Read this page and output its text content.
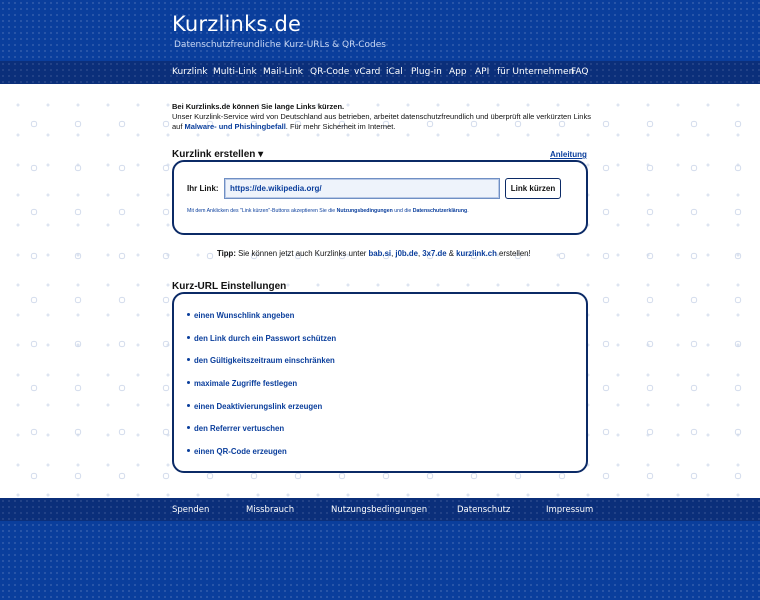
Kurzlinks.de
Datenschutzfreundliche Kurz-URLs & QR-Codes
Kurzlink Multi-Link Mail-Link QR-Code vCard iCal Plug-in App API für Unternehmen
FAQ
Bei Kurzlinks.de können Sie lange Links kürzen.
Unser Kurzlink-Service wird von Deutschland aus betrieben, arbeitet datenschutzfreundlich und überprüft alle verkürzten Links auf Malware- und Phishingbefall. Für mehr Sicherheit im Internet.
Kurzlink erstellen ▾	Anleitung
Ihr Link:
https://de.wikipedia.org/	Link kürzen
Mit dem Anklicken des "Link kürzen"-Buttons akzeptieren Sie die Nutzungsbedingungen und die Datenschutzerklärung.
Tipp: Sie können jetzt auch Kurzlinks unter bab.si, j0b.de, 3x7.de & kurzlink.ch erstellen!
Kurz-URL Einstellungen
einen Wunschlink angeben
den Link durch ein Passwort schützen
den Gültigkeitszeitraum einschränken
maximale Zugriffe festlegen
einen Deaktivierungslink erzeugen
den Referrer vertuschen
einen QR-Code erzeugen
Spenden	Missbrauch	Nutzungsbedingungen	Datenschutz	Impressum
